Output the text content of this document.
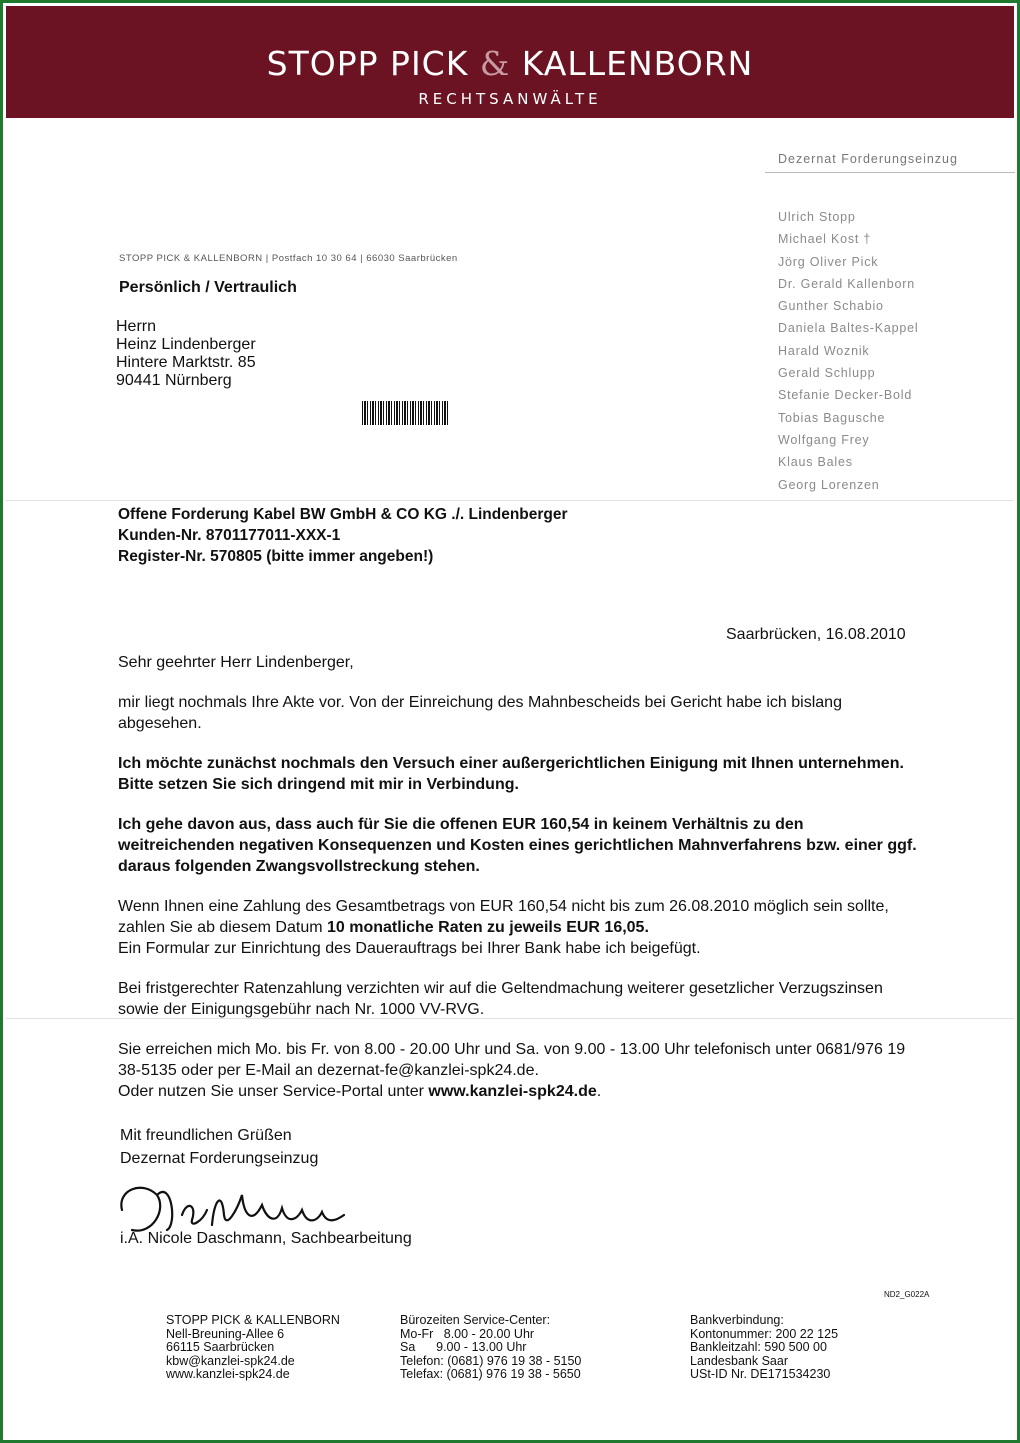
STOPP PICK & KALLENBORN
RECHTSANWÄLTE
Dezernat Forderungseinzug
Ulrich Stopp
Michael Kost †
Jörg Oliver Pick
Dr. Gerald Kallenborn
Gunther Schabio
Daniela Baltes-Kappel
Harald Woznik
Gerald Schlupp
Stefanie Decker-Bold
Tobias Bagusche
Wolfgang Frey
Klaus Bales
Georg Lorenzen
STOPP PICK & KALLENBORN | Postfach 10 30 64 | 66030 Saarbrücken
Persönlich / Vertraulich
Herrn
Heinz Lindenberger
Hintere Marktstr. 85
90441 Nürnberg
Offene Forderung Kabel BW GmbH & CO KG ./. Lindenberger
Kunden-Nr. 8701177011-XXX-1
Register-Nr. 570805 (bitte immer angeben!)
Saarbrücken, 16.08.2010

Sehr geehrter Herr Lindenberger,

mir liegt nochmals Ihre Akte vor. Von der Einreichung des Mahnbescheids bei Gericht habe ich bislang abgesehen.

Ich möchte zunächst nochmals den Versuch einer außergerichtlichen Einigung mit Ihnen unternehmen. Bitte setzen Sie sich dringend mit mir in Verbindung.

Ich gehe davon aus, dass auch für Sie die offenen EUR 160,54 in keinem Verhältnis zu den weitreichenden negativen Konsequenzen und Kosten eines gerichtlichen Mahnverfahrens bzw. einer ggf. daraus folgenden Zwangsvollstreckung stehen.

Wenn Ihnen eine Zahlung des Gesamtbetrags von EUR 160,54 nicht bis zum 26.08.2010 möglich sein sollte, zahlen Sie ab diesem Datum 10 monatliche Raten zu jeweils EUR 16,05.
Ein Formular zur Einrichtung des Dauerauftrags bei Ihrer Bank habe ich beigefügt.

Bei fristgerechter Ratenzahlung verzichten wir auf die Geltendmachung weiterer gesetzlicher Verzugszinsen sowie der Einigungsgebühr nach Nr. 1000 VV-RVG.

Sie erreichen mich Mo. bis Fr. von 8.00 - 20.00 Uhr und Sa. von 9.00 - 13.00 Uhr telefonisch unter 0681/976 19 38-5135 oder per E-Mail an dezernat-fe@kanzlei-spk24.de.
Oder nutzen Sie unser Service-Portal unter www.kanzlei-spk24.de.

Mit freundlichen Grüßen
Dezernat Forderungseinzug
i.A. Nicole Daschmann, Sachbearbeitung
ND2_G022A
STOPP PICK & KALLENBORN
Nell-Breuning-Allee 6
66115 Saarbrücken
kbw@kanzlei-spk24.de
www.kanzlei-spk24.de
Bürozeiten Service-Center:
Mo-Fr   8.00 - 20.00 Uhr
Sa      9.00 - 13.00 Uhr
Telefon: (0681) 976 19 38 - 5150
Telefax: (0681) 976 19 38 - 5650
Bankverbindung:
Kontonummer: 200 22 125
Bankleitzahl: 590 500 00
Landesbank Saar
USt-ID Nr. DE171534230
